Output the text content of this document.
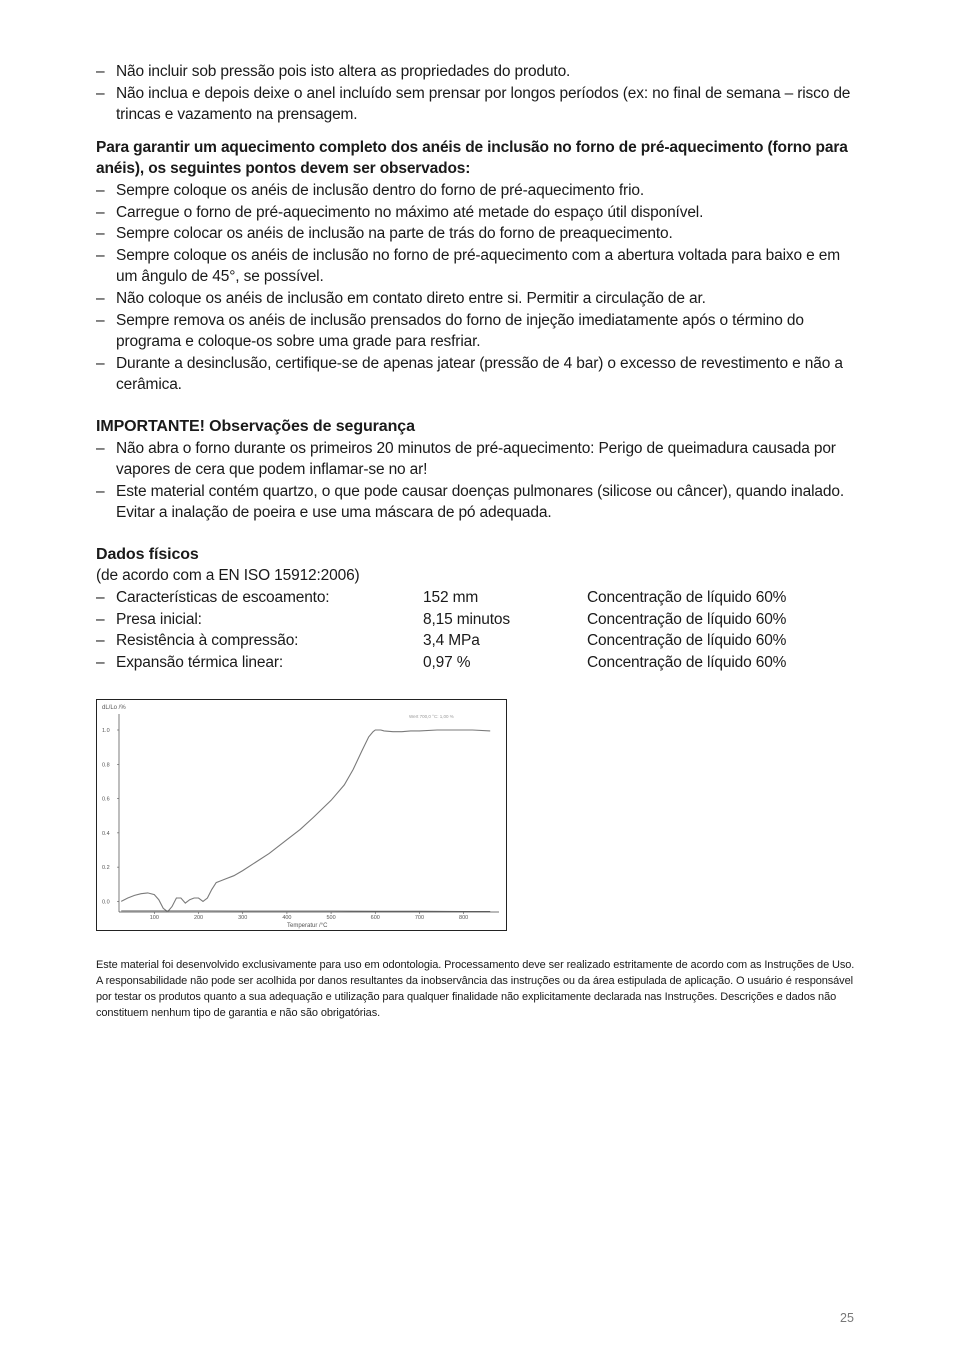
– Não incluir sob pressão pois isto altera as propriedades do produto.
– Não inclua e depois deixe o anel incluído sem prensar por longos períodos (ex: no final de semana – risco de trincas e vazamento na prensagem.

Para garantir um aquecimento completo dos anéis de inclusão no forno de pré-aquecimento (forno para anéis), os seguintes pontos devem ser observados:

– Sempre coloque os anéis de inclusão dentro do forno de pré-aquecimento frio.
– Carregue o forno de pré-aquecimento no máximo até metade do espaço útil disponível.
– Sempre colocar os anéis de inclusão na parte de trás do forno de preaquecimento.
– Sempre coloque os anéis de inclusão no forno de pré-aquecimento com a abertura voltada para baixo e em um ângulo de 45°, se possível.
– Não coloque os anéis de inclusão em contato direto entre si. Permitir a circulação de ar.
– Sempre remova os anéis de inclusão prensados do forno de injeção imediatamente após o término do programa e coloque-os sobre uma grade para resfriar.
– Durante a desinclusão, certifique-se de apenas jatear (pressão de 4 bar) o excesso de revestimento e não a cerâmica.

IMPORTANTE! Observações de segurança

– Não abra o forno durante os primeiros 20 minutos de pré-aquecimento: Perigo de queimadura causada por vapores de cera que podem inflamar-se no ar!
– Este material contém quartzo, o que pode causar doenças pulmonares (silicose ou câncer), quando inalado. Evitar a inalação de poeira e use uma máscara de pó adequada.

Dados físicos

(de acordo com a EN ISO 15912:2006)

– Características de escoamento:	152 mm	Concentração de líquido 60%
– Presa inicial:	8,15 minutos	Concentração de líquido 60%
– Resistência à compressão:	3,4 MPa	Concentração de líquido 60%
– Expansão térmica linear:	0,97 %	Concentração de líquido 60%
dL/Lo /%
Temperatur /°C
Wert 700,0 °C: 1,00 %
0.0
0.2
0.4
0.6
0.8
1.0
100	200	300	400	500	600	700	800

Este material foi desenvolvido exclusivamente para uso em odontologia. Processamento deve ser realizado estritamente de acordo com as Instruções de Uso. A responsabilidade não pode ser acolhida por danos resultantes da inobservância das instruções ou da área estipulada de aplicação. O usuário é responsável por testar os produtos quanto a sua adequação e utilização para qualquer finalidade não explicitamente declarada nas Instruções. Descrições e dados não constituem nenhum tipo de garantia e não são obrigatórias.

25
